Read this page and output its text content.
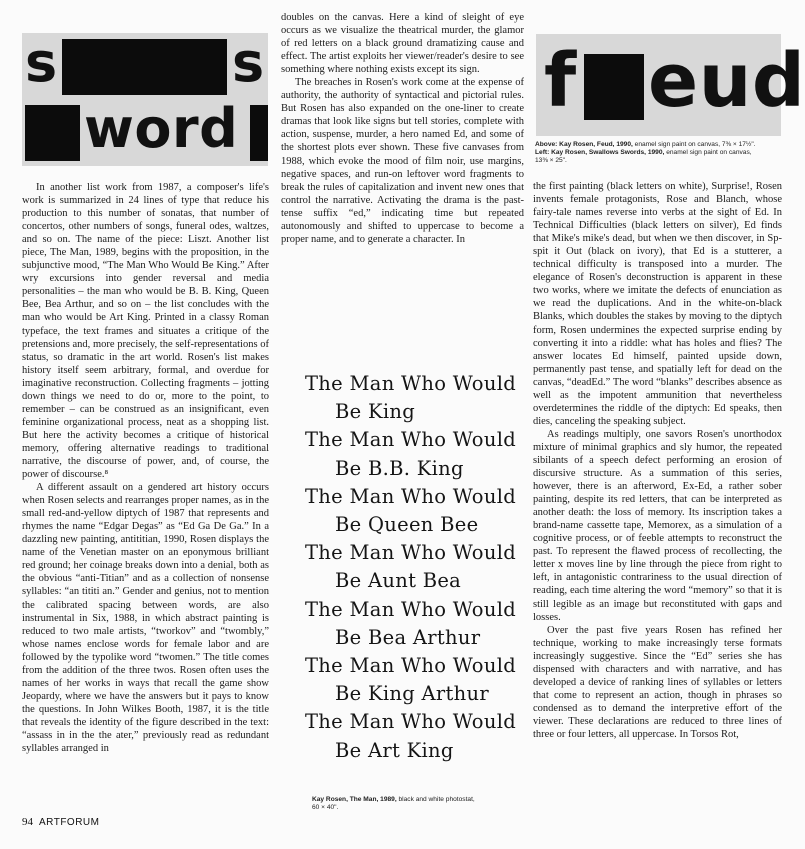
s	s
word
f eud
Above: Kay Rosen, Feud, 1990, enamel sign paint on canvas, 7⅜ × 17½".
Left: Kay Rosen, Swallows Swords, 1990, enamel sign paint on canvas,
13⅜ × 25".

In another list work from 1987, a composer's life's work is summarized in 24 lines of type that reduce his production to this number of sonatas, that number of concertos, other numbers of songs, funeral odes, waltzes, and so on. The name of the piece: Liszt. Another list piece, The Man, 1989, begins with the proposition, in the subjunctive mood, “The Man Who Would Be King.” After wry excursions into gender reversal and media personalities – the man who would be B. B. King, Queen Bee, Bea Arthur, and so on – the list concludes with the man who would be Art King. Printed in a classy Roman typeface, the text frames and situates a critique of the pretensions and, more precisely, the self-representations of status, so dramatic in the art world. Rosen's list makes history itself seem arbitrary, formal, and overdue for imaginative reconstruction. Collecting fragments – jotting down things we need to do or, more to the point, to remember – can be construed as an insignificant, even feminine organizational process, neat as a shopping list. But here the activity becomes a critique of historical memory, offering alternative readings to traditional narrative, the discourse of power, and, of course, the power of discourse.⁸

A different assault on a gendered art history occurs when Rosen selects and rearranges proper names, as in the small red-and-yellow diptych of 1987 that represents and rhymes the name “Edgar Degas” as “Ed Ga De Ga.” In a dazzling new painting, antititian, 1990, Rosen displays the name of the Venetian master on an eponymous brilliant red ground; her coinage breaks down into a denial, both as the obvious “anti-Titian” and as a collection of nonsense syllables: “an tititi an.” Gender and genius, not to mention the calibrated spacing between words, are also instrumental in Six, 1988, in which abstract painting is reduced to two male artists, “tworkov” and “twombly,” whose names enclose words for female labor and are followed by the typolike word “twomen.” The title comes from the addition of the three twos. Rosen often uses the names of her works in ways that recall the game show Jeopardy, where we have the answers but it pays to know the questions. In John Wilkes Booth, 1987, it is the title that reveals the identity of the figure described in the text: “assass in in the the ater,” previously read as redundant syllables arranged in

doubles on the canvas. Here a kind of sleight of eye occurs as we visualize the theatrical murder, the glamor of red letters on a black ground dramatizing cause and effect. The artist exploits her viewer/reader's desire to see something where nothing exists except its sign.

The breaches in Rosen's work come at the expense of authority, the authority of syntactical and pictorial rules. But Rosen has also expanded on the one-liner to create dramas that look like signs but tell stories, complete with action, suspense, murder, a hero named Ed, and some of the shortest plots ever shown. These five canvases from 1988, which evoke the mood of film noir, use margins, negative spaces, and run-on leftover word fragments to break the rules of capitalization and invent new ones that control the narrative. Activating the drama is the past-tense suffix “ed,” indicating time but repeated autonomously and shifted to uppercase to become a proper name, and to generate a character. In

The Man Who Would
Be King
The Man Who Would
Be B.B. King
The Man Who Would
Be Queen Bee
The Man Who Would
Be Aunt Bea
The Man Who Would
Be Bea Arthur
The Man Who Would
Be King Arthur
The Man Who Would
Be Art King
Kay Rosen, The Man, 1989, black and white photostat,
60 × 40".

the first painting (black letters on white), Surprise!, Rosen invents female protagonists, Rose and Blanch, whose fairy-tale names reverse into verbs at the sight of Ed. In Technical Difficulties (black letters on silver), Ed finds that Mike's mike's dead, but when we then discover, in Sp-spit it Out (black on ivory), that Ed is a stutterer, a technical difficulty is transposed into a murder. The elegance of Rosen's deconstruction is apparent in these two works, where we imitate the defects of enunciation as we read the duplications. And in the white-on-black Blanks, which doubles the stakes by moving to the diptych form, Rosen undermines the expected surprise ending by converting it into a riddle: what has holes and flies? The answer locates Ed himself, painted upside down, permanently past tense, and spatially left for dead on the canvas, “deadEd.” The word “blanks” describes absence as well as the impotent ammunition that nevertheless overdetermines the riddle of the diptych: Ed speaks, then dies, canceling the speaking subject.

As readings multiply, one savors Rosen's unorthodox mixture of minimal graphics and sly humor, the repeated sibilants of a speech defect performing an erosion of discursive structure. As a summation of this series, however, there is an afterword, Ex-Ed, a rather sober painting, despite its red letters, that can be interpreted as another death: the loss of memory. Its inscription takes a brand-name cassette tape, Memorex, as a simulation of a cognitive process, or of feeble attempts to reconstruct the past. To represent the flawed process of recollecting, the letter x moves line by line through the piece from right to left, in antagonistic contrariness to the usual direction of reading, each time altering the word “memory” so that it is still legible as an image but reconstituted with gaps and losses.

Over the past five years Rosen has refined her technique, working to make increasingly terse formats increasingly suggestive. Since the “Ed” series she has dispensed with characters and with narrative, and has developed a device of ranking lines of syllables or letters that come to represent an action, though in phrases so condensed as to demand the interpretive effort of the viewer. These declarations are reduced to three lines of three or four letters, all uppercase. In Torsos Rot,

94 ARTFORUM
